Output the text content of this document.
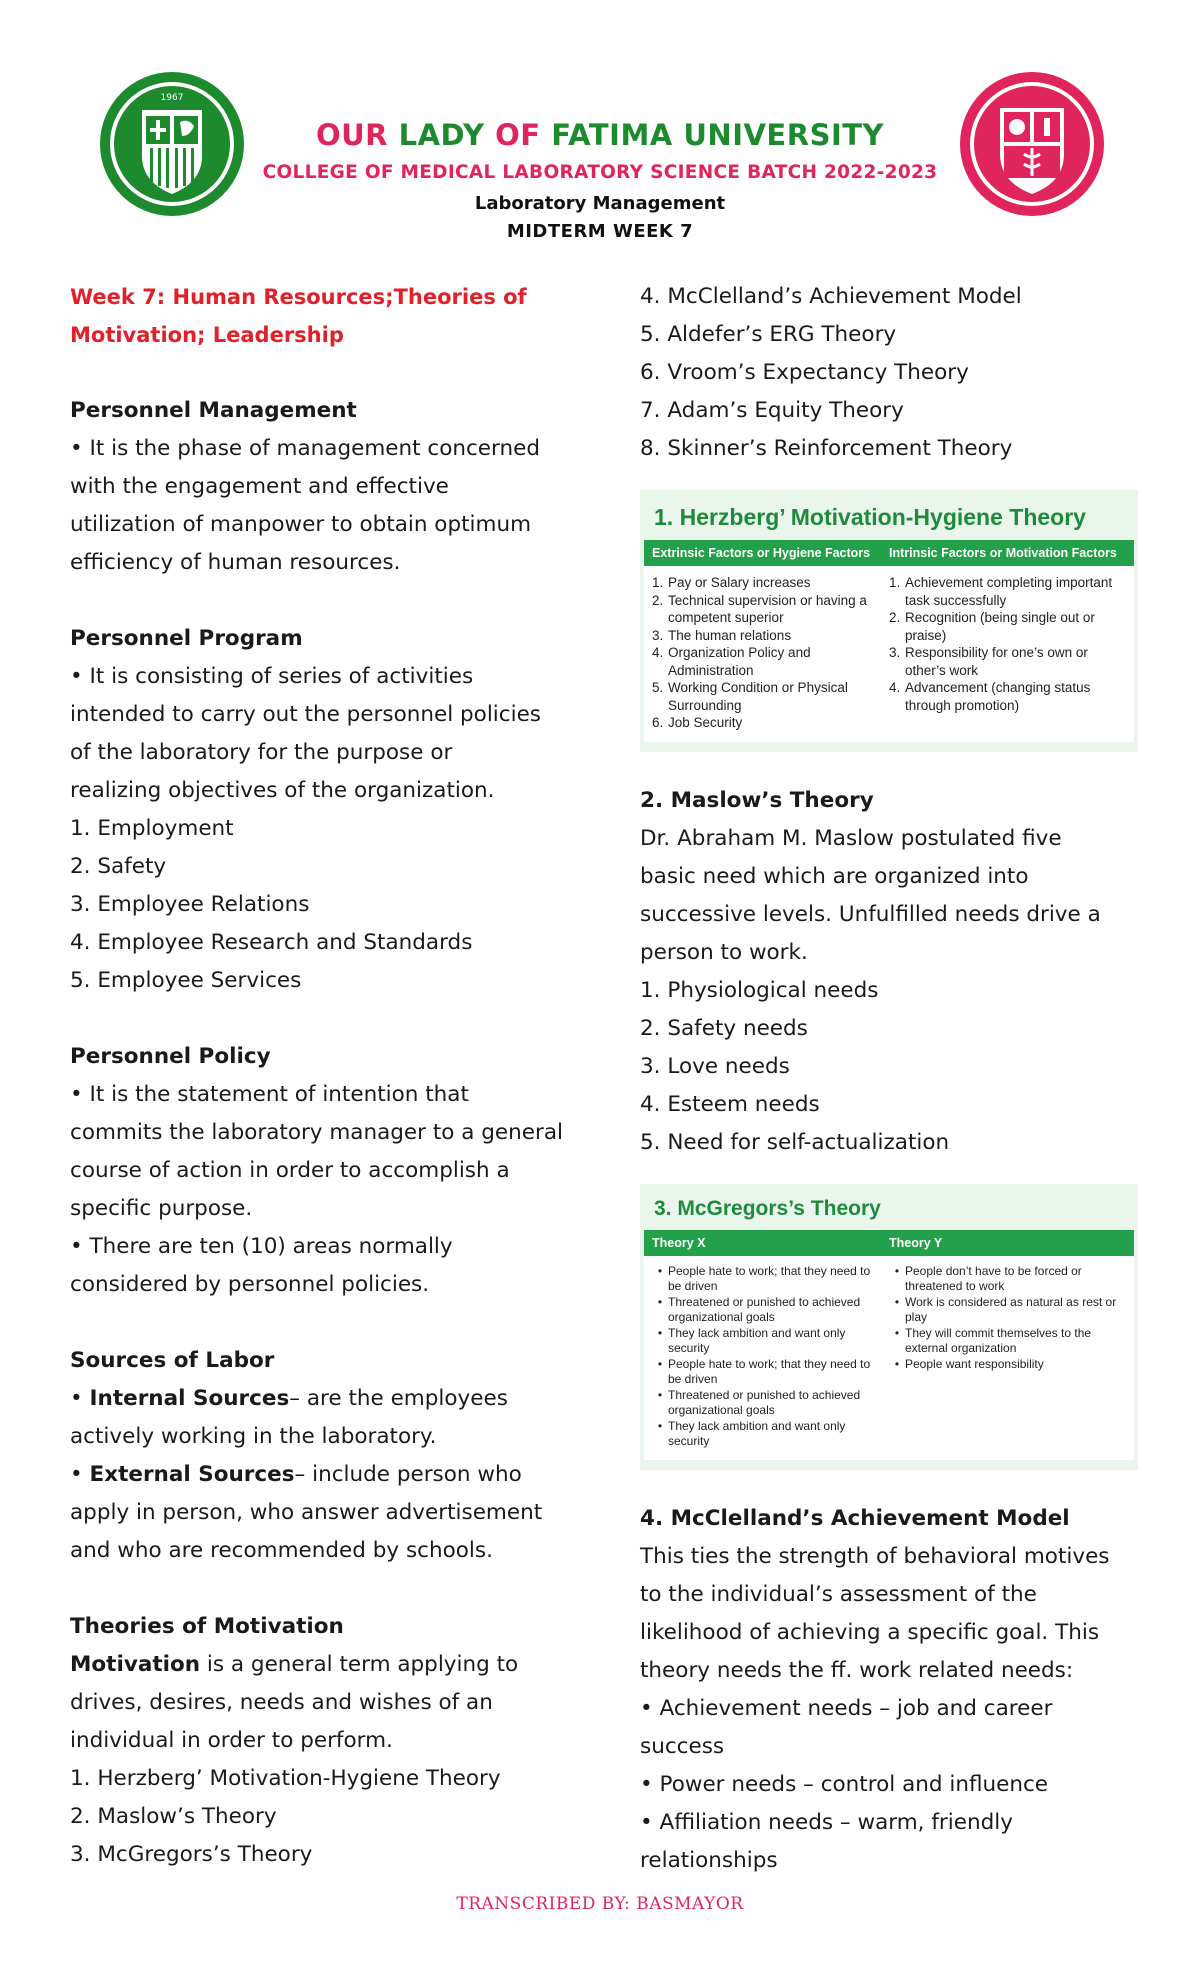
1967
OUR LADY OF FATIMA UNIVERSITY
COLLEGE OF MEDICAL LABORATORY SCIENCE BATCH 2022-2023
Laboratory Management
MIDTERM WEEK 7
Week 7: Human Resources;Theories of
Motivation; Leadership
Personnel Management
• It is the phase of management concerned
with the engagement and effective
utilization of manpower to obtain optimum
efficiency of human resources.
Personnel Program
• It is consisting of series of activities
intended to carry out the personnel policies
of the laboratory for the purpose or
realizing objectives of the organization.
1. Employment
2. Safety
3. Employee Relations
4. Employee Research and Standards
5. Employee Services
Personnel Policy
• It is the statement of intention that
commits the laboratory manager to a general
course of action in order to accomplish a
specific purpose.
• There are ten (10) areas normally
considered by personnel policies.
Sources of Labor
• Internal Sources– are the employees
actively working in the laboratory.
• External Sources– include person who
apply in person, who answer advertisement
and who are recommended by schools.
Theories of Motivation
Motivation is a general term applying to
drives, desires, needs and wishes of an
individual in order to perform.
1. Herzberg’ Motivation-Hygiene Theory
2. Maslow’s Theory
3. McGregors’s Theory
4. McClelland’s Achievement Model
5. Aldefer’s ERG Theory
6. Vroom’s Expectancy Theory
7. Adam’s Equity Theory
8. Skinner’s Reinforcement Theory
1. Herzberg’ Motivation-Hygiene Theory
Extrinsic Factors or Hygiene Factors	Intrinsic Factors or Motivation Factors
1. Pay or Salary increases
2. Technical supervision or having a competent superior
3. The human relations
4. Organization Policy and Administration
5. Working Condition or Physical Surrounding
6. Job Security
1. Achievement completing important task successfully
2. Recognition (being single out or praise)
3. Responsibility for one’s own or other’s work
4. Advancement (changing status through promotion)
2. Maslow’s Theory
Dr. Abraham M. Maslow postulated five
basic need which are organized into
successive levels. Unfulfilled needs drive a
person to work.
1. Physiological needs
2. Safety needs
3. Love needs
4. Esteem needs
5. Need for self-actualization
3. McGregors’s Theory
Theory X	Theory Y
• People hate to work; that they need to be driven
• Threatened or punished to achieved organizational goals
• They lack ambition and want only security
• People hate to work; that they need to be driven
• Threatened or punished to achieved organizational goals
• They lack ambition and want only security
• People don’t have to be forced or threatened to work
• Work is considered as natural as rest or play
• They will commit themselves to the external organization
• People want responsibility
4. McClelland’s Achievement Model
This ties the strength of behavioral motives
to the individual’s assessment of the
likelihood of achieving a specific goal. This
theory needs the ff. work related needs:
• Achievement needs – job and career
success
• Power needs – control and influence
• Affiliation needs – warm, friendly
relationships
TRANSCRIBED BY: BASMAYOR
